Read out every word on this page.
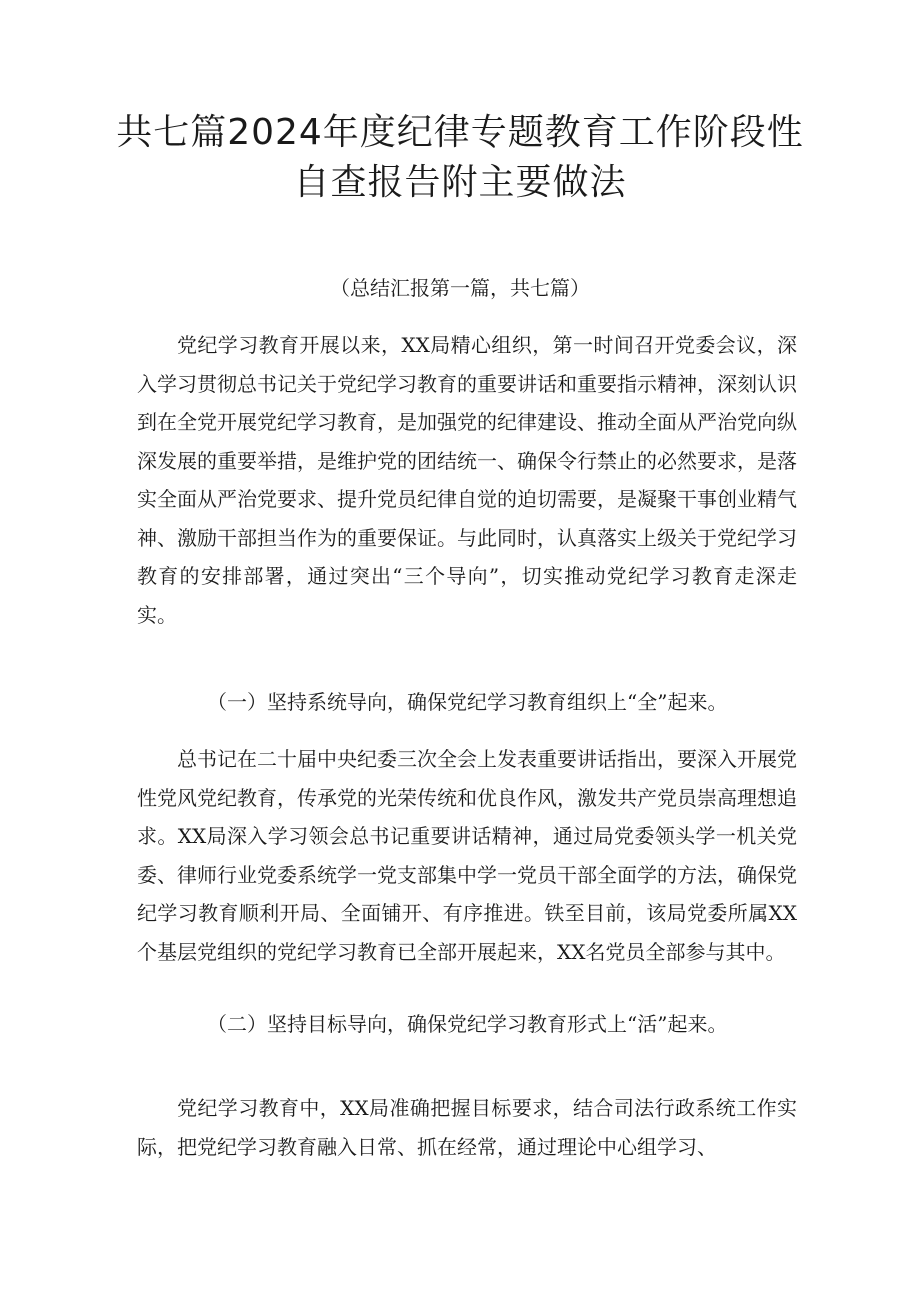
共七篇2024年度纪律专题教育工作阶段性
自查报告附主要做法

（总结汇报第一篇，共七篇）

党纪学习教育开展以来，XX局精心组织，第一时间召开党委会议，深入学习贯彻总书记关于党纪学习教育的重要讲话和重要指示精神，深刻认识到在全党开展党纪学习教育，是加强党的纪律建设、推动全面从严治党向纵深发展的重要举措，是维护党的团结统一、确保令行禁止的必然要求，是落实全面从严治党要求、提升党员纪律自觉的迫切需要，是凝聚干事创业精气神、激励干部担当作为的重要保证。与此同时，认真落实上级关于党纪学习教育的安排部署，通过突出“三个导向”，切实推动党纪学习教育走深走实。

（一）坚持系统导向，确保党纪学习教育组织上“全”起来。

总书记在二十届中央纪委三次全会上发表重要讲话指出，要深入开展党性党风党纪教育，传承党的光荣传统和优良作风，激发共产党员崇高理想追求。XX局深入学习领会总书记重要讲话精神，通过局党委领头学一机关党委、律师行业党委系统学一党支部集中学一党员干部全面学的方法，确保党纪学习教育顺利开局、全面铺开、有序推进。铁至目前，该局党委所属XX个基层党组织的党纪学习教育已全部开展起来，XX名党员全部参与其中。

（二）坚持目标导向，确保党纪学习教育形式上“活”起来。

党纪学习教育中，XX局准确把握目标要求，结合司法行政系统工作实际，把党纪学习教育融入日常、抓在经常，通过理论中心组学习、
